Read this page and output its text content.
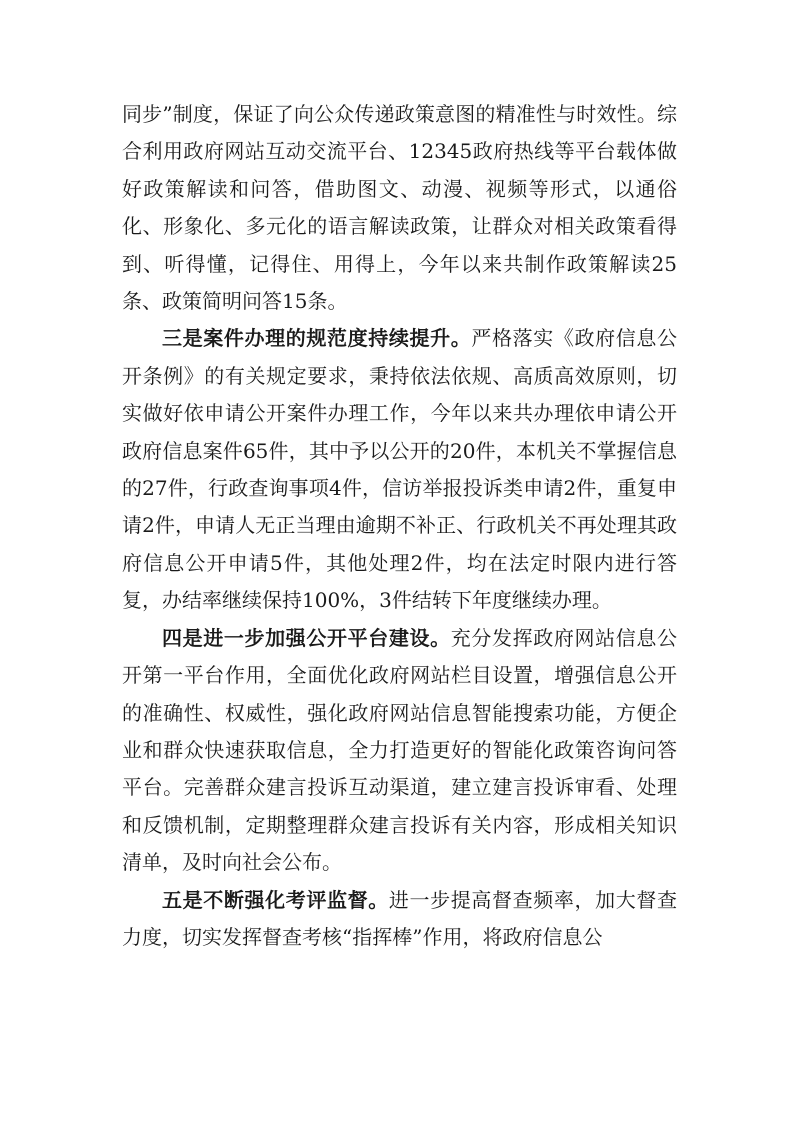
同步”制度，保证了向公众传递政策意图的精准性与时效性。综合利用政府网站互动交流平台、12345政府热线等平台载体做好政策解读和问答，借助图文、动漫、视频等形式，以通俗化、形象化、多元化的语言解读政策，让群众对相关政策看得到、听得懂，记得住、用得上，今年以来共制作政策解读25条、政策简明问答15条。

三是案件办理的规范度持续提升。严格落实《政府信息公开条例》的有关规定要求，秉持依法依规、高质高效原则，切实做好依申请公开案件办理工作，今年以来共办理依申请公开政府信息案件65件，其中予以公开的20件，本机关不掌握信息的27件，行政查询事项4件，信访举报投诉类申请2件，重复申请2件，申请人无正当理由逾期不补正、行政机关不再处理其政府信息公开申请5件，其他处理2件，均在法定时限内进行答复，办结率继续保持100%，3件结转下年度继续办理。

四是进一步加强公开平台建设。充分发挥政府网站信息公开第一平台作用，全面优化政府网站栏目设置，增强信息公开的准确性、权威性，强化政府网站信息智能搜索功能，方便企业和群众快速获取信息，全力打造更好的智能化政策咨询问答平台。完善群众建言投诉互动渠道，建立建言投诉审看、处理和反馈机制，定期整理群众建言投诉有关内容，形成相关知识清单，及时向社会公布。

五是不断强化考评监督。进一步提高督查频率，加大督查力度，切实发挥督查考核“指挥棒”作用，将政府信息公
